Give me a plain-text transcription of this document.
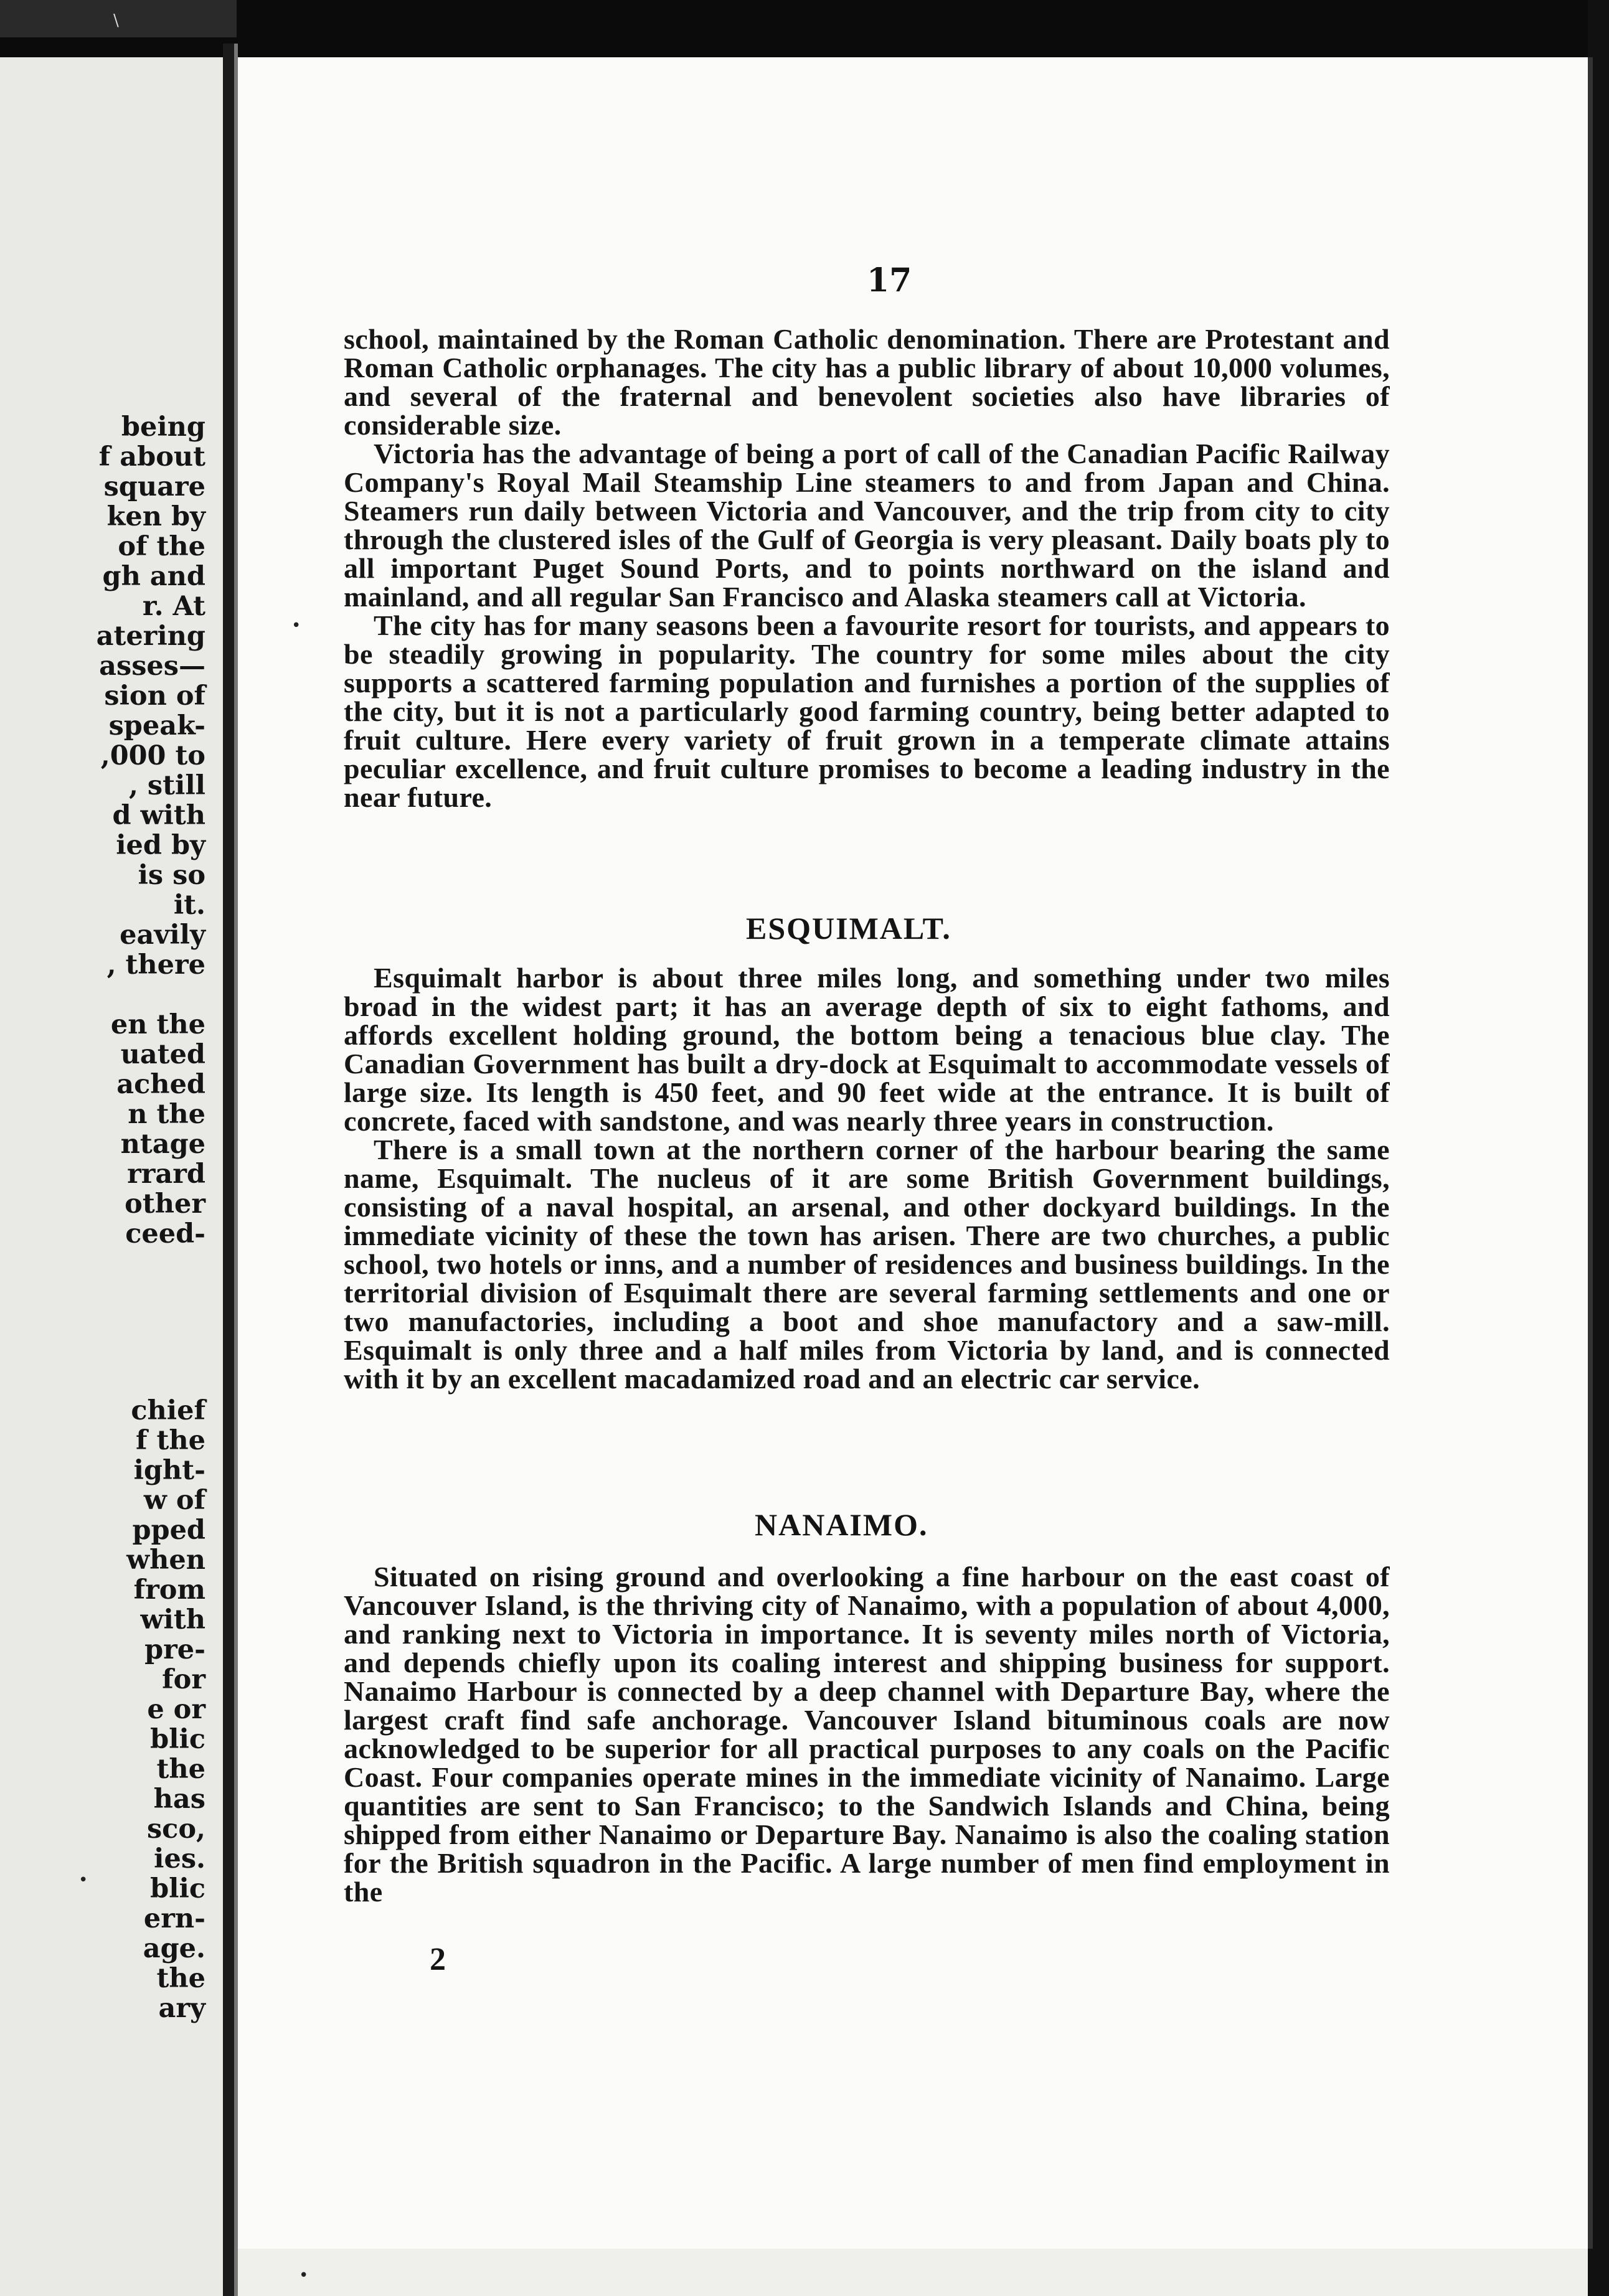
being
f about
square
ken by
of the
gh and
r. At
atering
asses—
sion of
speak-
,000 to
, still
d with
ied by
is so
it.
eavily
, there
en the
uated
ached
n the
ntage
rrard
other
ceed-
chief
f the
ight-
w of
pped
when
from
with
pre-
for
e or
blic
the
has
sco,
ies.
blic
ern-
age.
the
ary
17

school, maintained by the Roman Catholic denomination. There are Protestant and Roman Catholic orphanages. The city has a public library of about 10,000 volumes, and several of the fraternal and benevolent societies also have libraries of considerable size.

Victoria has the advantage of being a port of call of the Canadian Pacific Railway Company's Royal Mail Steamship Line steamers to and from Japan and China. Steamers run daily between Victoria and Vancouver, and the trip from city to city through the clustered isles of the Gulf of Georgia is very pleasant. Daily boats ply to all important Puget Sound Ports, and to points northward on the island and mainland, and all regular San Francisco and Alaska steamers call at Victoria.

The city has for many seasons been a favourite resort for tourists, and appears to be steadily growing in popularity. The country for some miles about the city supports a scattered farming population and furnishes a portion of the supplies of the city, but it is not a particularly good farming country, being better adapted to fruit culture. Here every variety of fruit grown in a temperate climate attains peculiar excellence, and fruit culture promises to become a leading industry in the near future.

ESQUIMALT.

Esquimalt harbor is about three miles long, and something under two miles broad in the widest part; it has an average depth of six to eight fathoms, and affords excellent holding ground, the bottom being a tenacious blue clay. The Canadian Government has built a dry-dock at Esquimalt to accommodate vessels of large size. Its length is 450 feet, and 90 feet wide at the entrance. It is built of concrete, faced with sandstone, and was nearly three years in construction.

There is a small town at the northern corner of the harbour bearing the same name, Esquimalt. The nucleus of it are some British Government buildings, consisting of a naval hospital, an arsenal, and other dockyard buildings. In the immediate vicinity of these the town has arisen. There are two churches, a public school, two hotels or inns, and a number of residences and business buildings. In the territorial division of Esquimalt there are several farming settlements and one or two manufactories, including a boot and shoe manufactory and a saw-mill. Esquimalt is only three and a half miles from Victoria by land, and is connected with it by an excellent macadamized road and an electric car service.

NANAIMO.

Situated on rising ground and overlooking a fine harbour on the east coast of Vancouver Island, is the thriving city of Nanaimo, with a population of about 4,000, and ranking next to Victoria in importance. It is seventy miles north of Victoria, and depends chiefly upon its coaling interest and shipping business for support. Nanaimo Harbour is connected by a deep channel with Departure Bay, where the largest craft find safe anchorage. Vancouver Island bituminous coals are now acknowledged to be superior for all practical purposes to any coals on the Pacific Coast. Four companies operate mines in the immediate vicinity of Nanaimo. Large quantities are sent to San Francisco; to the Sandwich Islands and China, being shipped from either Nanaimo or Departure Bay. Nanaimo is also the coaling station for the British squadron in the Pacific. A large number of men find employment in the

2
\
•
•
•
